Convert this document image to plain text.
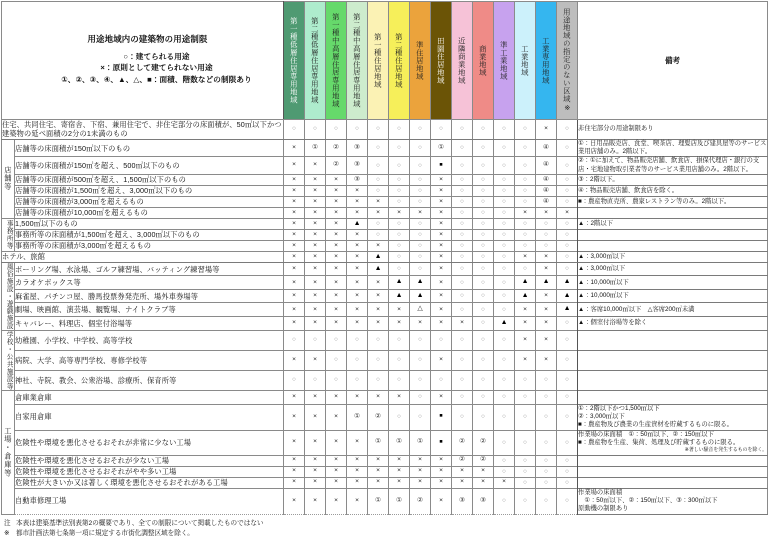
用途地域内の建築物の用途制限
○：建てられる用途
×：原則として建てられない用途
①、②、③、④、▲、△、■：面積、階数などの制限あり		第一種低層住居専用地域	第二種低層住居専用地域	第一種中高層住居専用地域	第二種中高層住居専用地域	第一種住居地域	第二種住居地域	準住居地域	田園住居地域	近隣商業地域	商業地域	準工業地域	工業地域	工業専用地域	用途地域の指定のない区域※	備考
住宅、共同住宅、寄宿舎、下宿、兼用住宅で、非住宅部分の床面積が、50㎡以下かつ建築物の延べ面積の2分の1未満のもの		○	○	○	○	○	○	○	○	○	○	○	○	×	○	非住宅部分の用途制限あり

店舗等	店舗等の床面積が150㎡以下のもの	×	①	②	③	○	○	○	①	○	○	○	○	④	○	①：日用品販売店、食堂、喫茶店、理髪店及び建具屋等のサービス業用店舗のみ。2階以下。

	店舗等の床面積が150㎡を超え、500㎡以下のもの	×	×	②	③	○	○	○	■	○	○	○	○	④	○	②：①に加えて、物品販売店舗、飲食店、損保代理店・銀行の支店・宅地建物取引業者等のサービス業用店舗のみ。2階以下。

	店舗等の床面積が500㎡を超え、1,500㎡以下のもの	×	×	×	③	○	○	○	×	○	○	○	○	④	○	③：2階以下。

	店舗等の床面積が1,500㎡を超え、3,000㎡以下のもの	×	×	×	×	○	○	○	×	○	○	○	○	④	○	④：物品販売店舗、飲食店を除く。

	店舗等の床面積が3,000㎡を超えるもの	×	×	×	×	×	○	○	×	○	○	○	○	④	○	■：農産物直売所、農家レストラン等のみ。2階以下。

	店舗等の床面積が10,000㎡を超えるもの	×	×	×	×	×	×	×	×	○	○	○	×	×	×	
事務所等	1,500㎡以下のもの	×	×	×	▲	○	○	○	×	○	○	○	○	○	○	▲：2階以下

	事務所等の床面積が1,500㎡を超え、3,000㎡以下のもの	×	×	×	×	○	○	○	×	○	○	○	○	○	○	
	事務所等の床面積が3,000㎡を超えるもの	×	×	×	×	×	○	○	×	○	○	○	○	○	○	
ホテル、旅館		×	×	×	×	▲	○	○	×	○	○	○	×	×	○	▲：3,000㎡以下

風俗施設・遊戯施設	ボーリング場、水泳場、ゴルフ練習場、バッティング練習場等	×	×	×	×	▲	○	○	×	○	○	○	○	×	○	▲：3,000㎡以下

	カラオケボックス等	×	×	×	×	×	▲	▲	×	○	○	○	▲	▲	▲	▲：10,000㎡以下

	麻雀屋、パチンコ屋、勝馬投票券発売所、場外車券場等	×	×	×	×	×	▲	▲	×	○	○	○	▲	×	▲	▲：10,000㎡以下

	劇場、映画館、演芸場、観覧場、ナイトクラブ等	×	×	×	×	×	×	△	×	○	○	○	×	×	▲	▲：客席10,000㎡以下　△客席200㎡未満

	キャバレー、料理店、個室付浴場等	×	×	×	×	×	×	×	×	×	○	▲	×	×	○	▲：個室付浴場等を除く

学校・公共施設等	幼稚園、小学校、中学校、高等学校	○	○	○	○	○	○	○	○	○	○	○	×	×	○	
	病院、大学、高等専門学校、専修学校等	×	×	○	○	○	○	○	×	○	○	○	×	×	○	
	神社、寺院、教会、公衆浴場、診療所、保育所等	○	○	○	○	○	○	○	○	○	○	○	○	○	○	
工場・倉庫等	倉庫業倉庫	×	×	×	×	×	×	○	×	○	○	○	○	○	○	
	自家用倉庫	×	×	×	①	②	○	○	■	○	○	○	○	○	○	①：2階以下かつ1,500㎡以下
②：3,000㎡以下
■：農産物及び農業の生産資材を貯蔵するものに限る。

	危険性や環境を悪化させるおそれが非常に少ない工場	×	×	×	×	①	①	①	■	②	②	○	○	○	○	作業場の床面積　①：50㎡以下、②：150㎡以下
■：農産物を生産、集荷、処理及び貯蔵するものに限る。
※著しい騒音を発生するものを除く。

	危険性や環境を悪化させるおそれが少ない工場	×	×	×	×	×	×	×	×	②	②	○	○	○	○	
	危険性や環境を悪化させるおそれがやや多い工場	×	×	×	×	×	×	×	×	×	×	○	○	○	○	
	危険性が大きいか又は著しく環境を悪化させるおそれがある工場	×	×	×	×	×	×	×	×	×	×	×	○	○	○	
	自動車修理工場	×	×	×	×	①	①	②	×	③	③	○	○	○	○	作業場の床面積
　①：50㎡以下、②：150㎡以下、③：300㎡以下
原動機の制限あり
注 本表は建築基準法別表第2の概要であり、全ての制限について掲載したものではない
※ 都市計画法第七条第一項に規定する市街化調整区域を除く。
